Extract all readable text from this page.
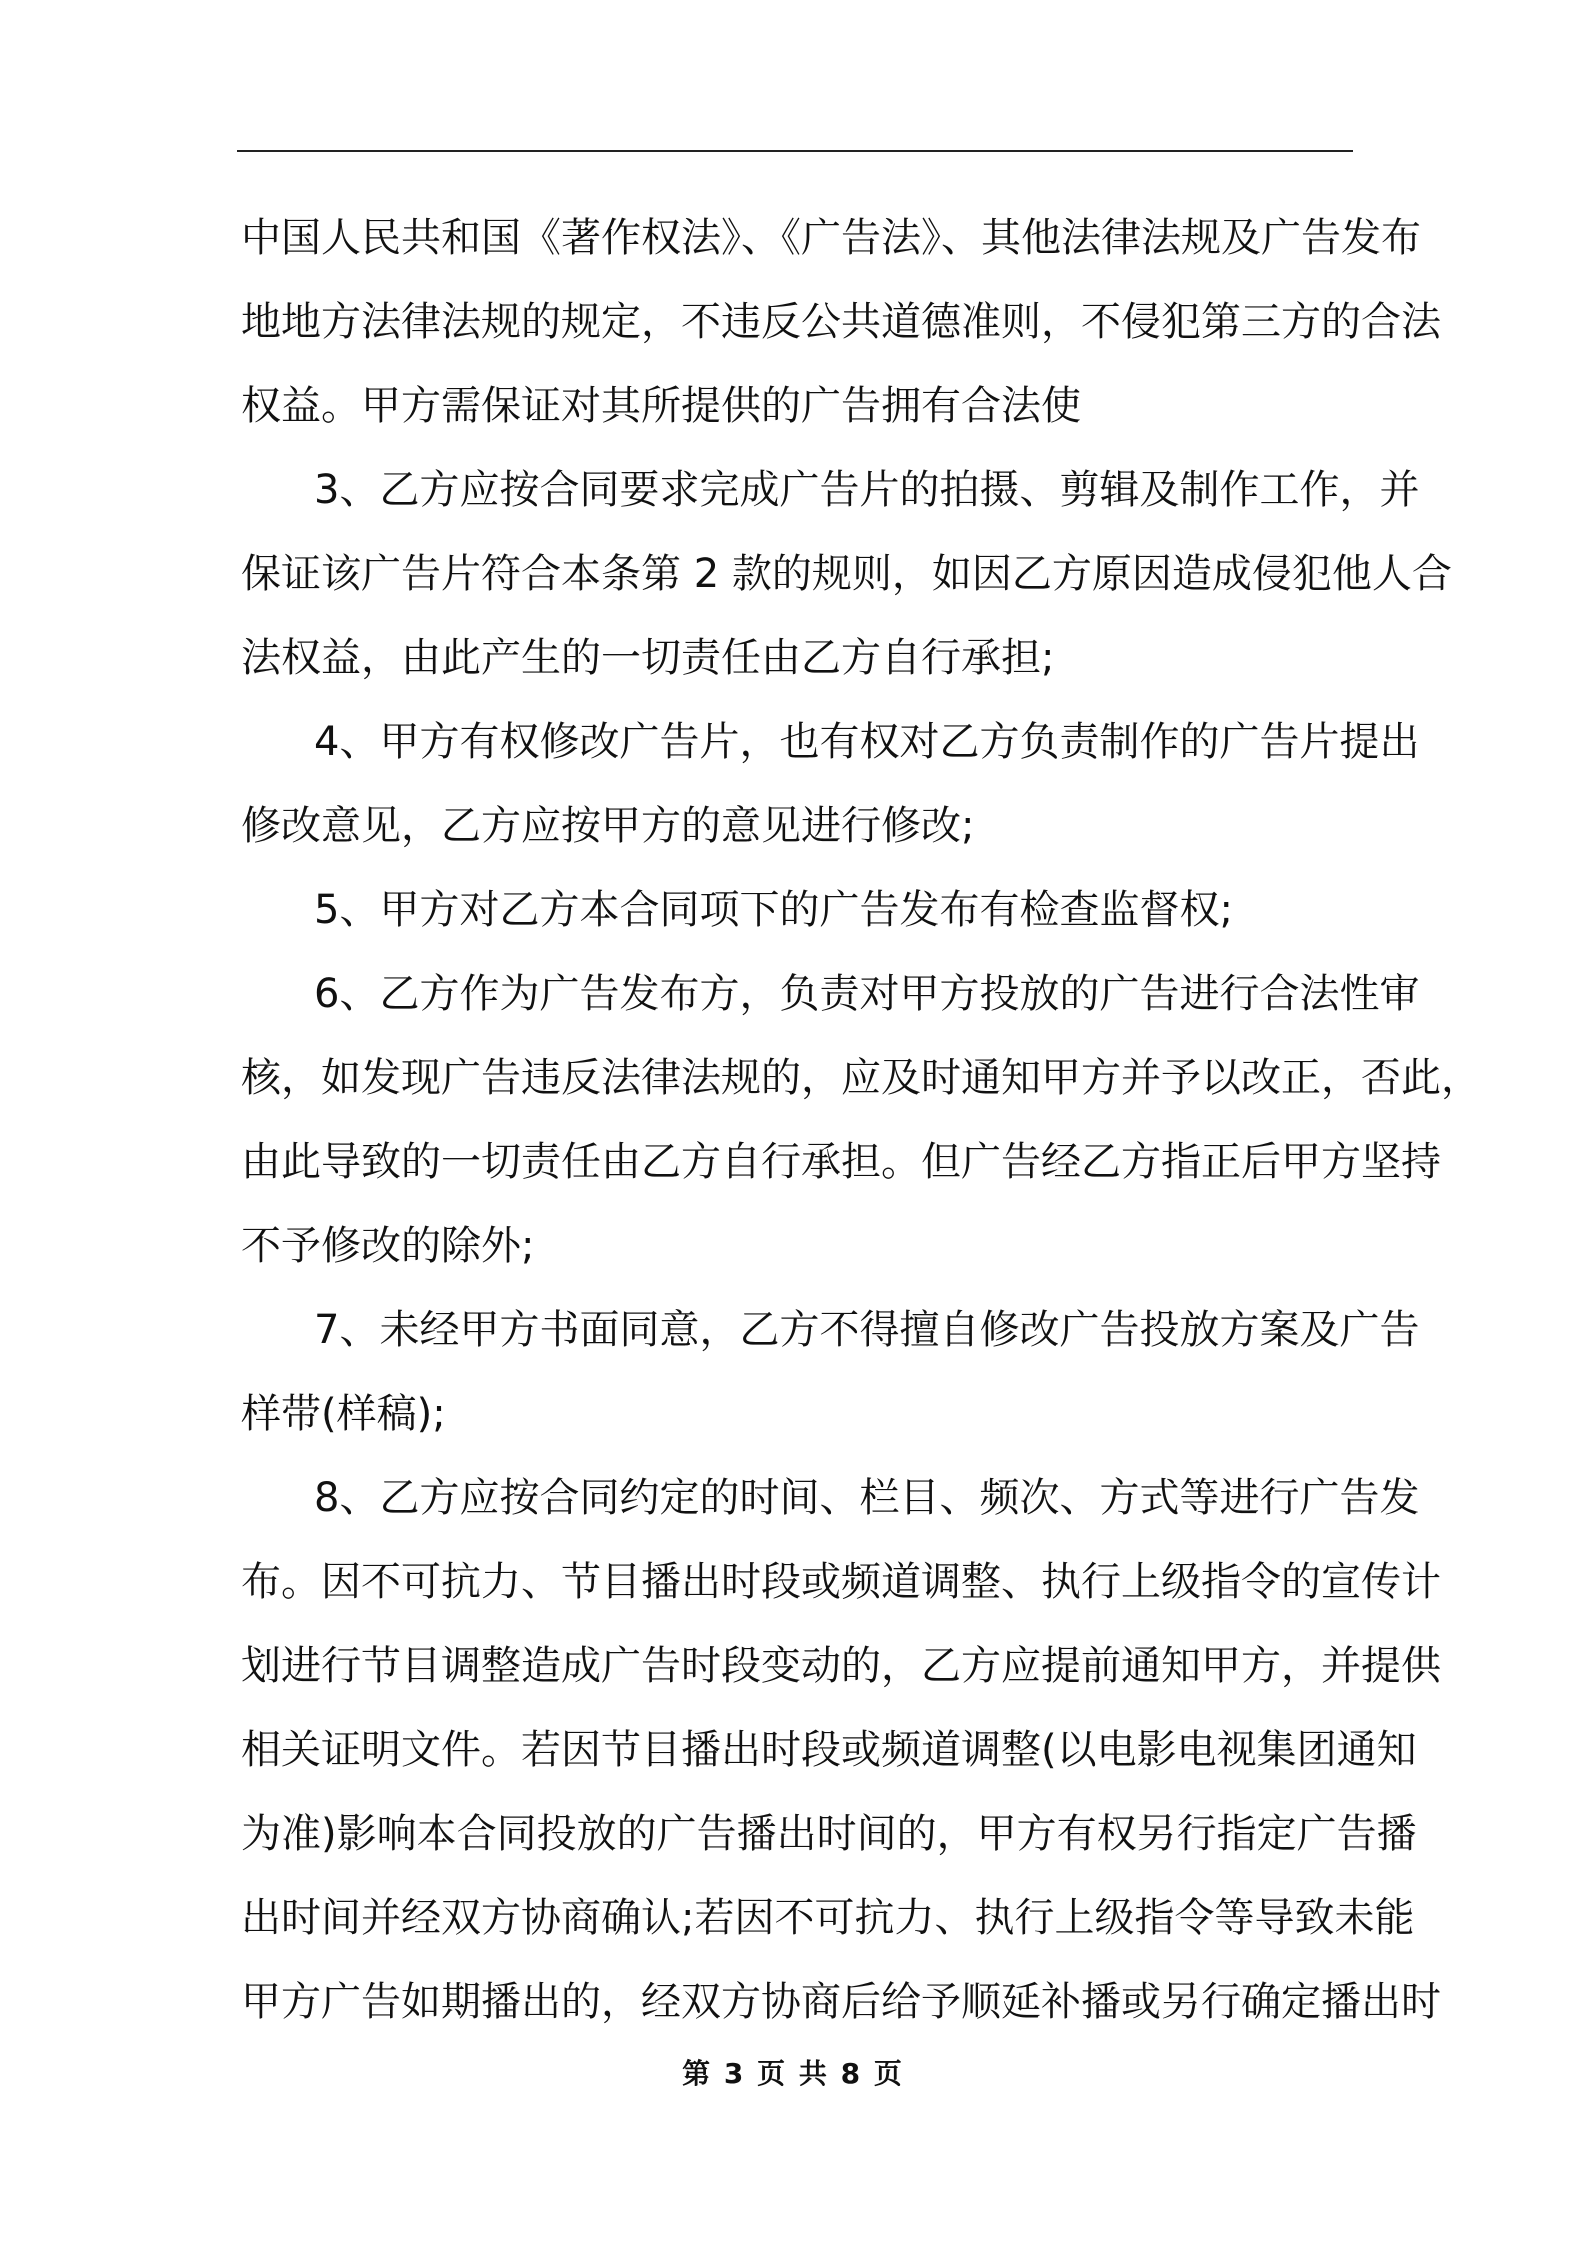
中国人民共和国《著作权法》、《广告法》、其他法律法规及广告发布
地地方法律法规的规定，不违反公共道德准则，不侵犯第三方的合法
权益。甲方需保证对其所提供的广告拥有合法使
3、乙方应按合同要求完成广告片的拍摄、剪辑及制作工作，并
保证该广告片符合本条第 2 款的规则，如因乙方原因造成侵犯他人合
法权益，由此产生的一切责任由乙方自行承担;
4、甲方有权修改广告片，也有权对乙方负责制作的广告片提出
修改意见，乙方应按甲方的意见进行修改;
5、甲方对乙方本合同项下的广告发布有检查监督权;
6、乙方作为广告发布方，负责对甲方投放的广告进行合法性审
核，如发现广告违反法律法规的，应及时通知甲方并予以改正，否此，
由此导致的一切责任由乙方自行承担。但广告经乙方指正后甲方坚持
不予修改的除外;
7、未经甲方书面同意，乙方不得擅自修改广告投放方案及广告
样带(样稿);
8、乙方应按合同约定的时间、栏目、频次、方式等进行广告发
布。因不可抗力、节目播出时段或频道调整、执行上级指令的宣传计
划进行节目调整造成广告时段变动的，乙方应提前通知甲方，并提供
相关证明文件。若因节目播出时段或频道调整(以电影电视集团通知
为准)影响本合同投放的广告播出时间的，甲方有权另行指定广告播
出时间并经双方协商确认;若因不可抗力、执行上级指令等导致未能
甲方广告如期播出的，经双方协商后给予顺延补播或另行确定播出时
第 3 页 共 8 页
